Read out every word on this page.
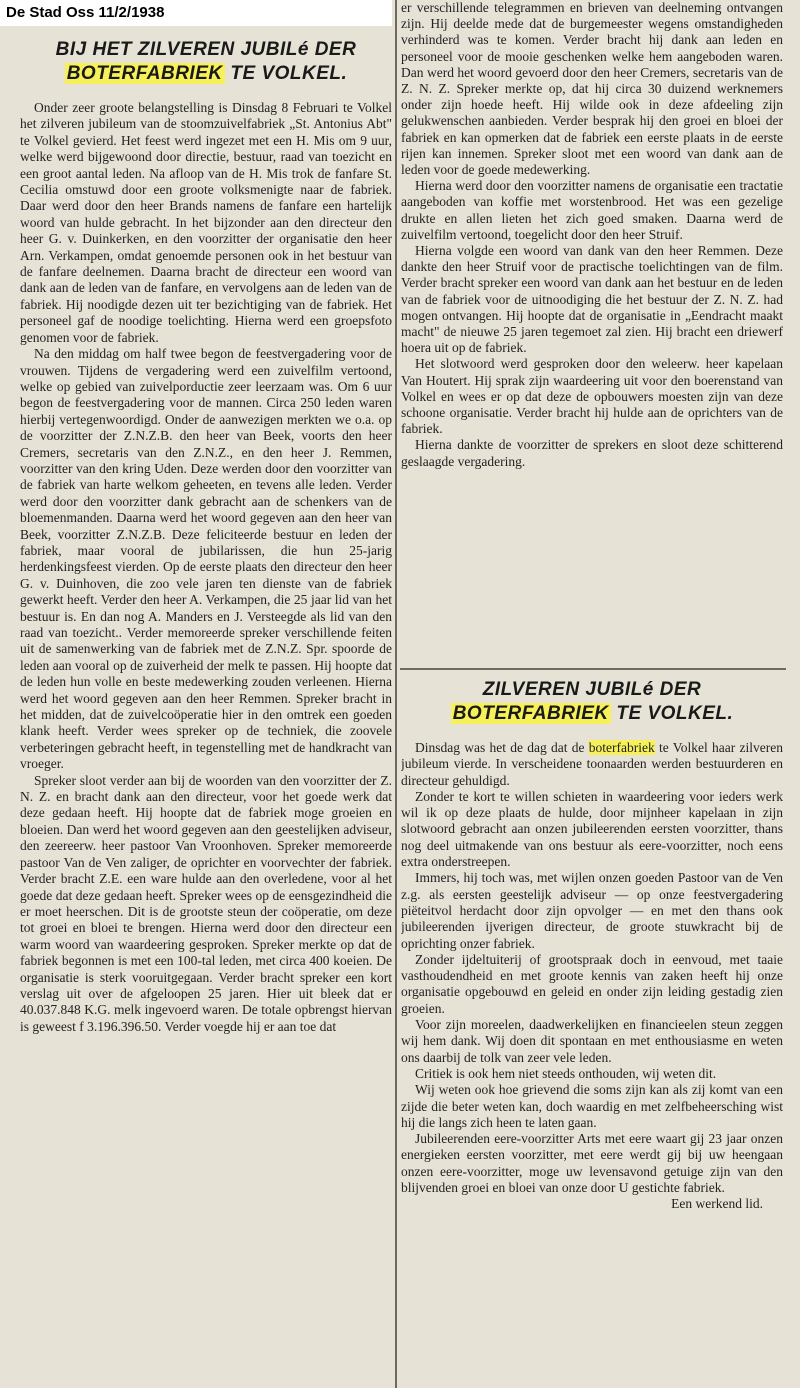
De Stad Oss 11/2/1938
BIJ HET ZILVEREN JUBILé DER
BOTERFABRIEK TE VOLKEL.

Onder zeer groote belangstelling is Dinsdag 8 Februari te Volkel het zilveren jubileum van de stoomzuivelfabriek „St. Antonius Abt" te Volkel gevierd. Het feest werd ingezet met een H. Mis om 9 uur, welke werd bijgewoond door directie, bestuur, raad van toezicht en een groot aantal leden. Na afloop van de H. Mis trok de fanfare St. Cecilia omstuwd door een groote volksmenigte naar de fabriek. Daar werd door den heer Brands namens de fanfare een hartelijk woord van hulde gebracht. In het bijzonder aan den directeur den heer G. v. Duinkerken, en den voorzitter der organisatie den heer Arn. Verkampen, omdat genoemde personen ook in het bestuur van de fanfare deelnemen. Daarna bracht de directeur een woord van dank aan de leden van de fanfare, en vervolgens aan de leden van de fabriek. Hij noodigde dezen uit ter bezichtiging van de fabriek. Het personeel gaf de noodige toelichting. Hierna werd een groepsfoto genomen voor de fabriek.

Na den middag om half twee begon de feestvergadering voor de vrouwen. Tijdens de vergadering werd een zuivelfilm vertoond, welke op gebied van zuivelporductie zeer leerzaam was. Om 6 uur begon de feestvergadering voor de mannen. Circa 250 leden waren hierbij vertegenwoordigd. Onder de aanwezigen merkten we o.a. op de voorzitter der Z.N.Z.B. den heer van Beek, voorts den heer Cremers, secretaris van den Z.N.Z., en den heer J. Remmen, voorzitter van den kring Uden. Deze werden door den voorzitter van de fabriek van harte welkom geheeten, en tevens alle leden. Verder werd door den voorzitter dank gebracht aan de schenkers van de bloemenmanden. Daarna werd het woord gegeven aan den heer van Beek, voorzitter Z.N.Z.B. Deze feliciteerde bestuur en leden der fabriek, maar vooral de jubilarissen, die hun 25-jarig herdenkingsfeest vierden. Op de eerste plaats den directeur den heer G. v. Duinhoven, die zoo vele jaren ten dienste van de fabriek gewerkt heeft. Verder den heer A. Verkampen, die 25 jaar lid van het bestuur is. En dan nog A. Manders en J. Versteegde als lid van den raad van toezicht.. Verder memoreerde spreker verschillende feiten uit de samenwerking van de fabriek met de Z.N.Z. Spr. spoorde de leden aan vooral op de zuiverheid der melk te passen. Hij hoopte dat de leden hun volle en beste medewerking zouden verleenen. Hierna werd het woord gegeven aan den heer Remmen. Spreker bracht in het midden, dat de zuivelcoöperatie hier in den omtrek een goeden klank heeft. Verder wees spreker op de techniek, die zoovele verbeteringen gebracht heeft, in tegenstelling met de handkracht van vroeger.

Spreker sloot verder aan bij de woorden van den voorzitter der Z. N. Z. en bracht dank aan den directeur, voor het goede werk dat deze gedaan heeft. Hij hoopte dat de fabriek moge groeien en bloeien. Dan werd het woord gegeven aan den geestelijken adviseur, den zeereerw. heer pastoor Van Vroonhoven. Spreker memoreerde pastoor Van de Ven zaliger, de oprichter en voorvechter der fabriek. Verder bracht Z.E. een ware hulde aan den overledene, voor al het goede dat deze gedaan heeft. Spreker wees op de eensgezindheid die er moet heerschen. Dit is de grootste steun der coöperatie, om deze tot groei en bloei te brengen. Hierna werd door den directeur een warm woord van waardeering gesproken. Spreker merkte op dat de fabriek begonnen is met een 100-tal leden, met circa 400 koeien. De organisatie is sterk vooruitgegaan. Verder bracht spreker een kort verslag uit over de afgeloopen 25 jaren. Hier uit bleek dat er 40.037.848 K.G. melk ingevoerd waren. De totale opbrengst hiervan is geweest f 3.196.396.50. Verder voegde hij er aan toe dat

er verschillende telegrammen en brieven van deelneming ontvangen zijn. Hij deelde mede dat de burgemeester wegens omstandigheden verhinderd was te komen. Verder bracht hij dank aan leden en personeel voor de mooie geschenken welke hem aangeboden waren. Dan werd het woord gevoerd door den heer Cremers, secretaris van de Z. N. Z. Spreker merkte op, dat hij circa 30 duizend werknemers onder zijn hoede heeft. Hij wilde ook in deze afdeeling zijn gelukwenschen aanbieden. Verder besprak hij den groei en bloei der fabriek en kan opmerken dat de fabriek een eerste plaats in de eerste rijen kan innemen. Spreker sloot met een woord van dank aan de leden voor de goede medewerking.

Hierna werd door den voorzitter namens de organisatie een tractatie aangeboden van koffie met worstenbrood. Het was een gezelige drukte en allen lieten het zich goed smaken. Daarna werd de zuivelfilm vertoond, toegelicht door den heer Struif.

Hierna volgde een woord van dank van den heer Remmen. Deze dankte den heer Struif voor de practische toelichtingen van de film. Verder bracht spreker een woord van dank aan het bestuur en de leden van de fabriek voor de uitnoodiging die het bestuur der Z. N. Z. had mogen ontvangen. Hij hoopte dat de organisatie in „Eendracht maakt macht" de nieuwe 25 jaren tegemoet zal zien. Hij bracht een driewerf hoera uit op de fabriek.

Het slotwoord werd gesproken door den weleerw. heer kapelaan Van Houtert. Hij sprak zijn waardeering uit voor den boerenstand van Volkel en wees er op dat deze de opbouwers moesten zijn van deze schoone organisatie. Verder bracht hij hulde aan de oprichters van de fabriek.

Hierna dankte de voorzitter de sprekers en sloot deze schitterend geslaagde vergadering.

ZILVEREN JUBILé DER
BOTERFABRIEK TE VOLKEL.

Dinsdag was het de dag dat de boterfabriek te Volkel haar zilveren jubileum vierde. In verscheidene toonaarden werden bestuurderen en directeur gehuldigd.

Zonder te kort te willen schieten in waardeering voor ieders werk wil ik op deze plaats de hulde, door mijnheer kapelaan in zijn slotwoord gebracht aan onzen jubileerenden eersten voorzitter, thans nog deel uitmakende van ons bestuur als eere-voorzitter, noch eens extra onderstreepen.

Immers, hij toch was, met wijlen onzen goeden Pastoor van de Ven z.g. als eersten geestelijk adviseur — op onze feestvergadering piëteitvol herdacht door zijn opvolger — en met den thans ook jubileerenden ijverigen directeur, de groote stuwkracht bij de oprichting onzer fabriek.

Zonder ijdeltuiterij of grootspraak doch in eenvoud, met taaie vasthoudendheid en met groote kennis van zaken heeft hij onze organisatie opgebouwd en geleid en onder zijn leiding gestadig zien groeien.

Voor zijn moreelen, daadwerkelijken en financieelen steun zeggen wij hem dank. Wij doen dit spontaan en met enthousiasme en weten ons daarbij de tolk van zeer vele leden.

Critiek is ook hem niet steeds onthouden, wij weten dit.

Wij weten ook hoe grievend die soms zijn kan als zij komt van een zijde die beter weten kan, doch waardig en met zelfbeheersching wist hij die langs zich heen te laten gaan.

Jubileerenden eere-voorzitter Arts met eere waart gij 23 jaar onzen energieken eersten voorzitter, met eere werdt gij bij uw heengaan onzen eere-voorzitter, moge uw levensavond getuige zijn van den blijvenden groei en bloei van onze door U gestichte fabriek.

Een werkend lid.
